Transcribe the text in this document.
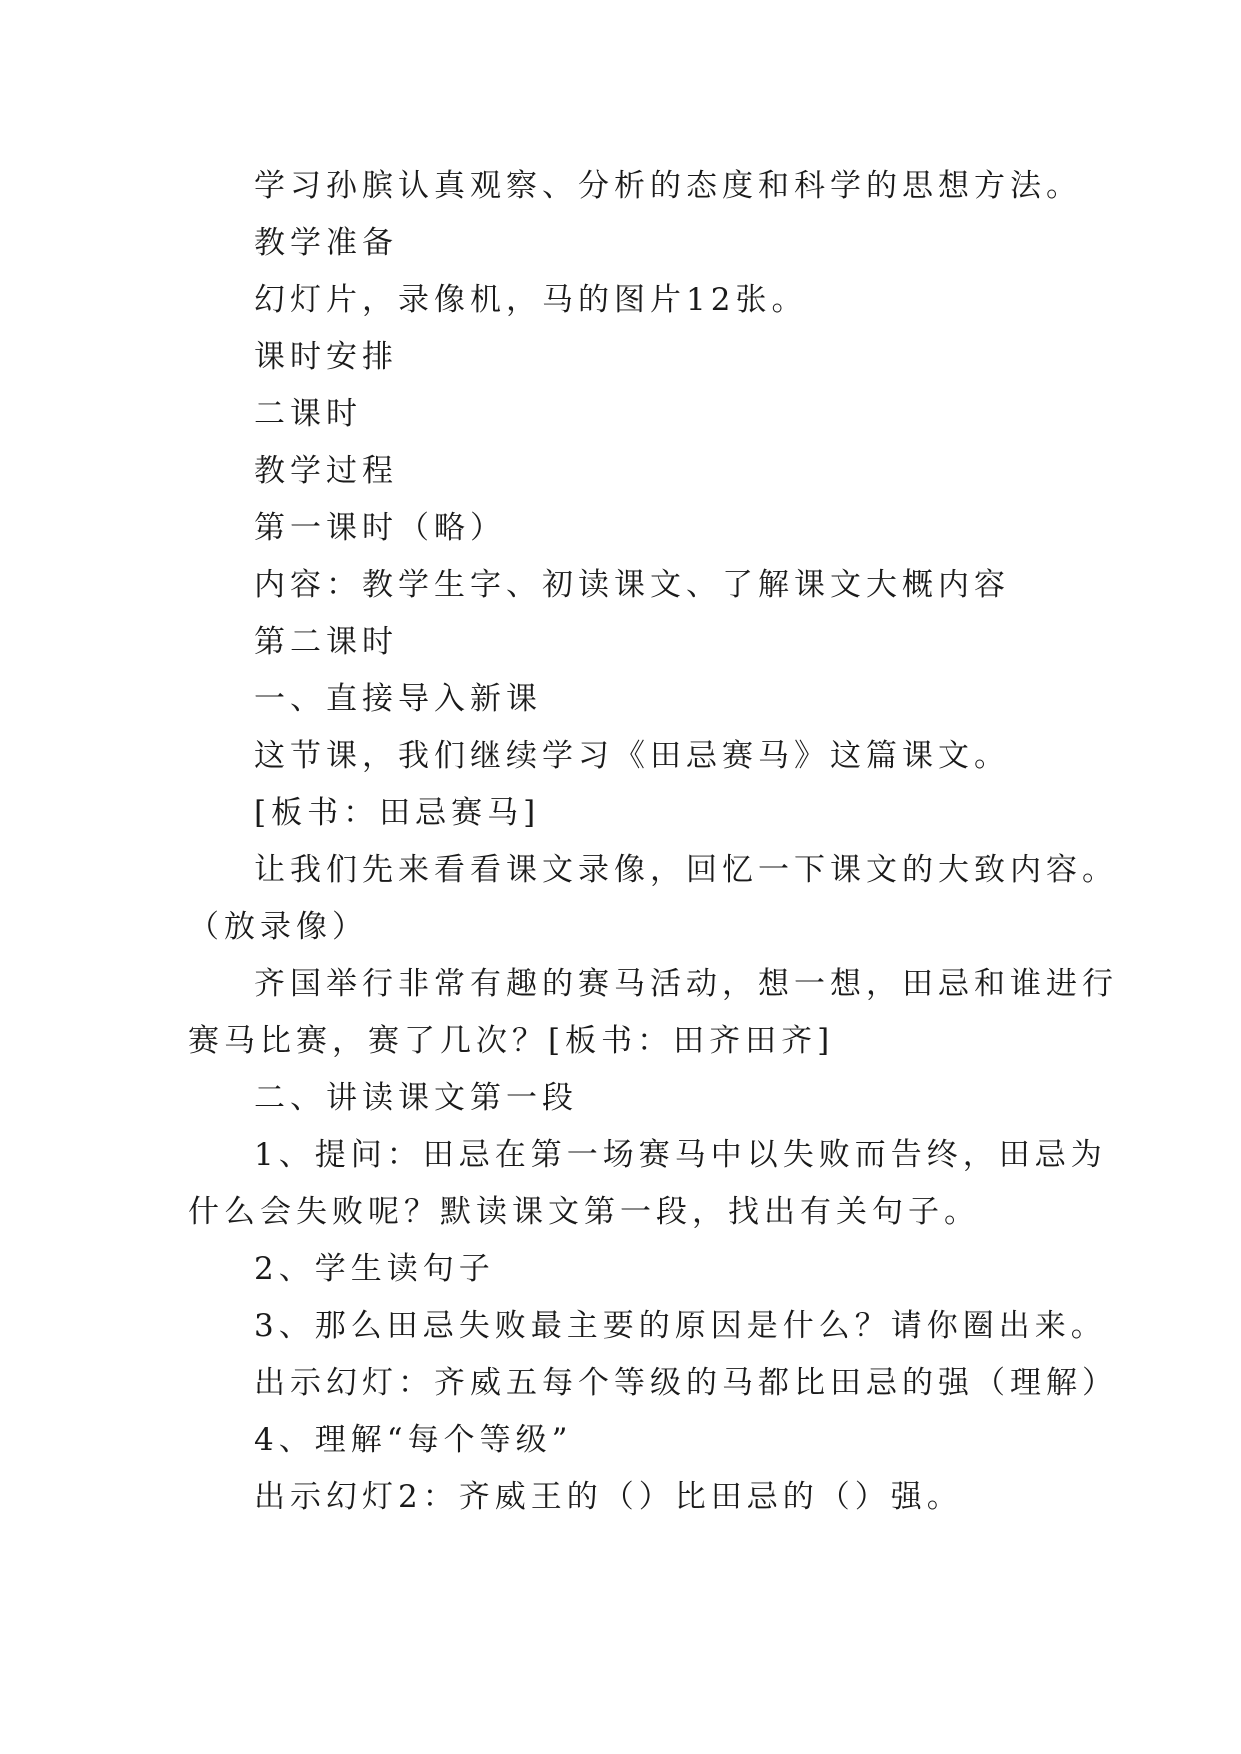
学习孙膑认真观察、分析的态度和科学的思想方法。
教学准备
幻灯片，录像机，马的图片12张。
课时安排
二课时
教学过程
第一课时（略）
内容：教学生字、初读课文、了解课文大概内容
第二课时
一、直接导入新课
这节课，我们继续学习《田忌赛马》这篇课文。
[板书：田忌赛马]
让我们先来看看课文录像，回忆一下课文的大致内容。
（放录像）
齐国举行非常有趣的赛马活动，想一想，田忌和谁进行
赛马比赛，赛了几次？[板书：田齐田齐]
二、讲读课文第一段
1、提问：田忌在第一场赛马中以失败而告终，田忌为
什么会失败呢？默读课文第一段，找出有关句子。
2、学生读句子
3、那么田忌失败最主要的原因是什么？请你圈出来。
出示幻灯：齐威五每个等级的马都比田忌的强（理解）
4、理解“每个等级”
出示幻灯2：齐威王的（）比田忌的（）强。
